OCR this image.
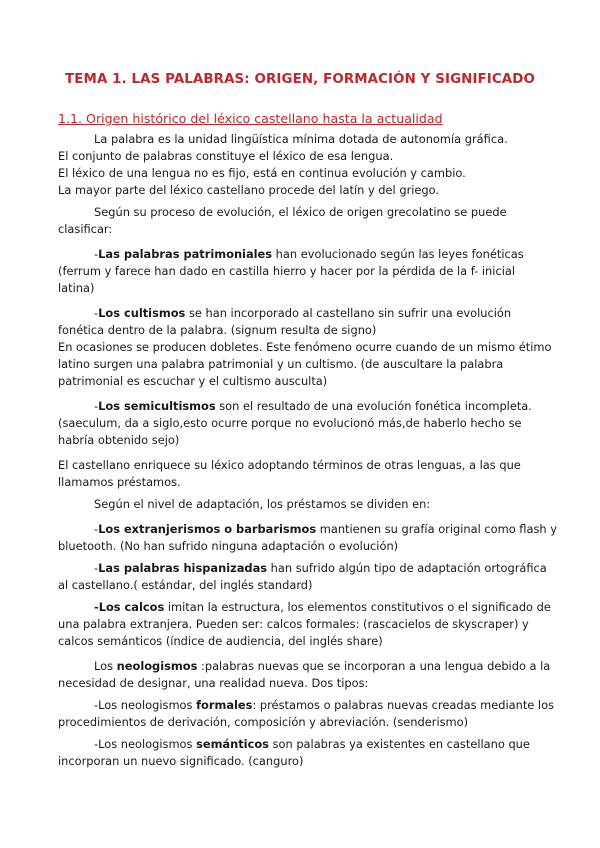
TEMA 1. LAS PALABRAS: ORIGEN, FORMACIÓN Y SIGNIFICADO
1.1. Origen histórico del léxico castellano hasta la actualidad

La palabra es la unidad lingüística mínima dotada de autonomía gráfica.

El conjunto de palabras constituye el léxico de esa lengua.

El léxico de una lengua no es fijo, está en continua evolución y cambio.

La mayor parte del léxico castellano procede del latín y del griego.

Según su proceso de evolución, el léxico de origen grecolatino se puede

clasificar:

-Las palabras patrimoniales han evolucionado según las leyes fonéticas

(ferrum y farece han dado en castilla hierro y hacer por la pérdida de la f- inicial

latina)

-Los cultismos se han incorporado al castellano sin sufrir una evolución

fonética dentro de la palabra. (signum resulta de signo)

En ocasiones se producen dobletes. Este fenómeno ocurre cuando de un mismo étimo

latino surgen una palabra patrimonial y un cultismo. (de auscultare la palabra

patrimonial es escuchar y el cultismo ausculta)

-Los semicultismos son el resultado de una evolución fonética incompleta.

(saeculum, da a siglo,esto ocurre porque no evolucionó más,de haberlo hecho se

habría obtenido sejo)

El castellano enriquece su léxico adoptando términos de otras lenguas, a las que

llamamos préstamos.

Según el nivel de adaptación, los préstamos se dividen en:

-Los extranjerismos o barbarismos mantienen su grafía original como flash y

bluetooth. (No han sufrido ninguna adaptación o evolución)

-Las palabras hispanizadas han sufrido algún tipo de adaptación ortográfica

al castellano.( estándar, del inglés standard)

-Los calcos imitan la estructura, los elementos constitutivos o el significado de

una palabra extranjera. Pueden ser: calcos formales: (rascacielos de skyscraper) y

calcos semánticos (índice de audiencia, del inglés share)

Los neologismos :palabras nuevas que se incorporan a una lengua debido a la

necesidad de designar, una realidad nueva. Dos tipos:

-Los neologismos formales: préstamos o palabras nuevas creadas mediante los

procedimientos de derivación, composición y abreviación. (senderismo)

-Los neologismos semánticos son palabras ya existentes en castellano que

incorporan un nuevo significado. (canguro)
